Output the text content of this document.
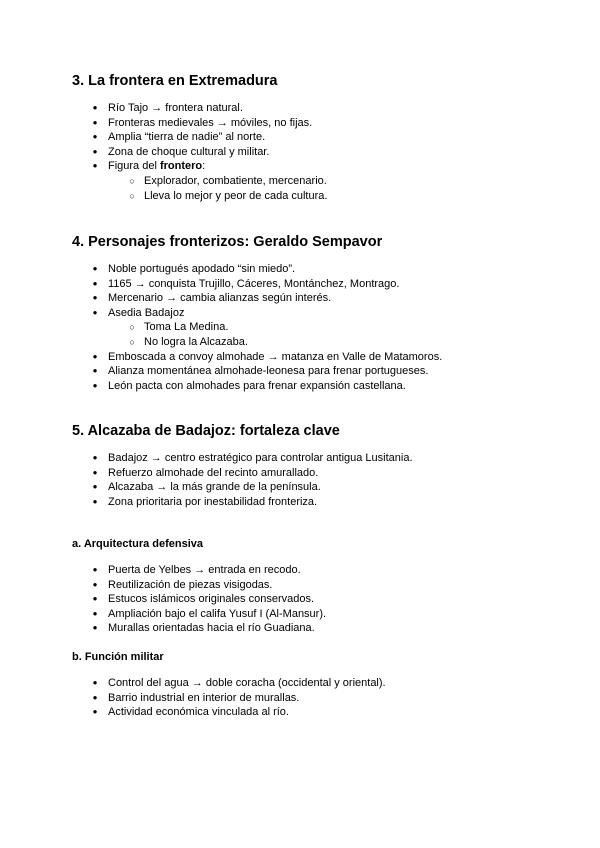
3. La frontera en Extremadura
● Río Tajo → frontera natural.
● Fronteras medievales → móviles, no fijas.
● Amplia “tierra de nadie” al norte.
● Zona de choque cultural y militar.
● Figura del frontero:
○ Explorador, combatiente, mercenario.
○ Lleva lo mejor y peor de cada cultura.
4. Personajes fronterizos: Geraldo Sempavor
● Noble portugués apodado “sin miedo”.
● 1165 → conquista Trujillo, Cáceres, Montánchez, Montrago.
● Mercenario → cambia alianzas según interés.
● Asedia Badajoz
○ Toma La Medina.
○ No logra la Alcazaba.
● Emboscada a convoy almohade → matanza en Valle de Matamoros.
● Alianza momentánea almohade-leonesa para frenar portugueses.
● León pacta con almohades para frenar expansión castellana.
5. Alcazaba de Badajoz: fortaleza clave
● Badajoz → centro estratégico para controlar antigua Lusitania.
● Refuerzo almohade del recinto amurallado.
● Alcazaba → la más grande de la península.
● Zona prioritaria por inestabilidad fronteriza.
a. Arquitectura defensiva
● Puerta de Yelbes → entrada en recodo.
● Reutilización de piezas visigodas.
● Estucos islámicos originales conservados.
● Ampliación bajo el califa Yusuf I (Al-Mansur).
● Murallas orientadas hacia el río Guadiana.
b. Función militar
● Control del agua → doble coracha (occidental y oriental).
● Barrio industrial en interior de murallas.
● Actividad económica vinculada al río.
